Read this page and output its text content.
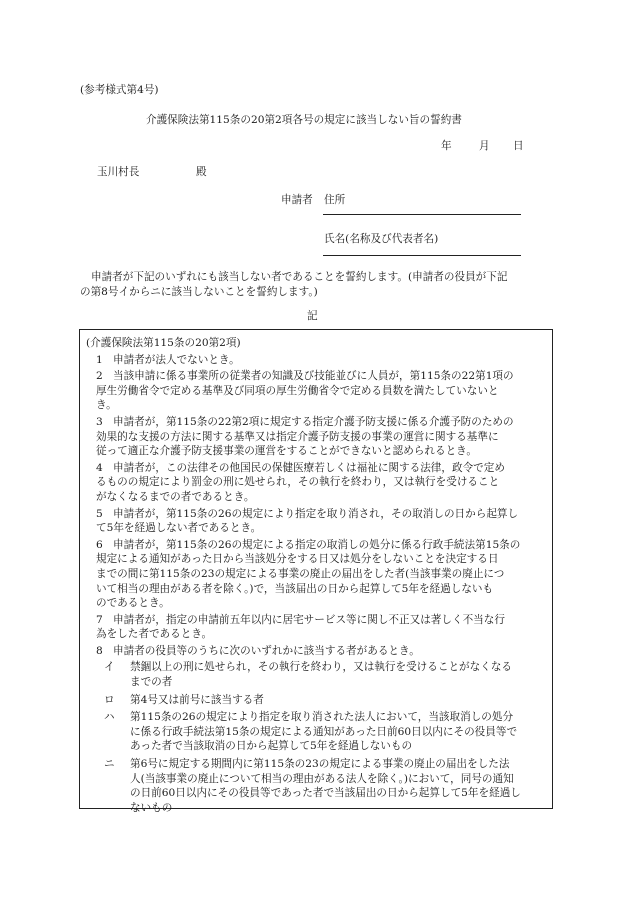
(参考様式第4号)
介護保険法第115条の20第2項各号の規定に該当しない旨の誓約書
年	月 日
玉川村長	殿
申請者 住所
氏名(名称及び代表者名)
申請者が下記のいずれにも該当しない者であることを誓約します。(申請者の役員が下記
の第8号イからニに該当しないことを誓約します。)
記
(介護保険法第115条の20第2項)
1 申請者が法人でないとき。
2 当該申請に係る事業所の従業者の知識及び技能並びに人員が，第115条の22第1項の
厚生労働省令で定める基準及び同項の厚生労働省令で定める員数を満たしていないと
き。
3 申請者が，第115条の22第2項に規定する指定介護予防支援に係る介護予防のための
効果的な支援の方法に関する基準又は指定介護予防支援の事業の運営に関する基準に
従って適正な介護予防支援事業の運営をすることができないと認められるとき。
4 申請者が，この法律その他国民の保健医療若しくは福祉に関する法律，政令で定め
るものの規定により罰金の刑に処せられ，その執行を終わり，又は執行を受けること
がなくなるまでの者であるとき。
5 申請者が，第115条の26の規定により指定を取り消され，その取消しの日から起算し
て5年を経過しない者であるとき。
6 申請者が，第115条の26の規定による指定の取消しの処分に係る行政手続法第15条の
規定による通知があった日から当該処分をする日又は処分をしないことを決定する日
までの間に第115条の23の規定による事業の廃止の届出をした者(当該事業の廃止につ
いて相当の理由がある者を除く。)で，当該届出の日から起算して5年を経過しないも
のであるとき。
7 申請者が，指定の申請前五年以内に居宅サービス等に関し不正又は著しく不当な行
為をした者であるとき。
8 申請者の役員等のうちに次のいずれかに該当する者があるとき。
イ 禁錮以上の刑に処せられ，その執行を終わり，又は執行を受けることがなくなる
までの者
ロ 第4号又は前号に該当する者
ハ 第115条の26の規定により指定を取り消された法人において，当該取消しの処分
に係る行政手続法第15条の規定による通知があった日前60日以内にその役員等で
あった者で当該取消の日から起算して5年を経過しないもの
ニ 第6号に規定する期間内に第115条の23の規定による事業の廃止の届出をした法
人(当該事業の廃止について相当の理由がある法人を除く。)において，同号の通知
の日前60日以内にその役員等であった者で当該届出の日から起算して5年を経過し
ないもの
